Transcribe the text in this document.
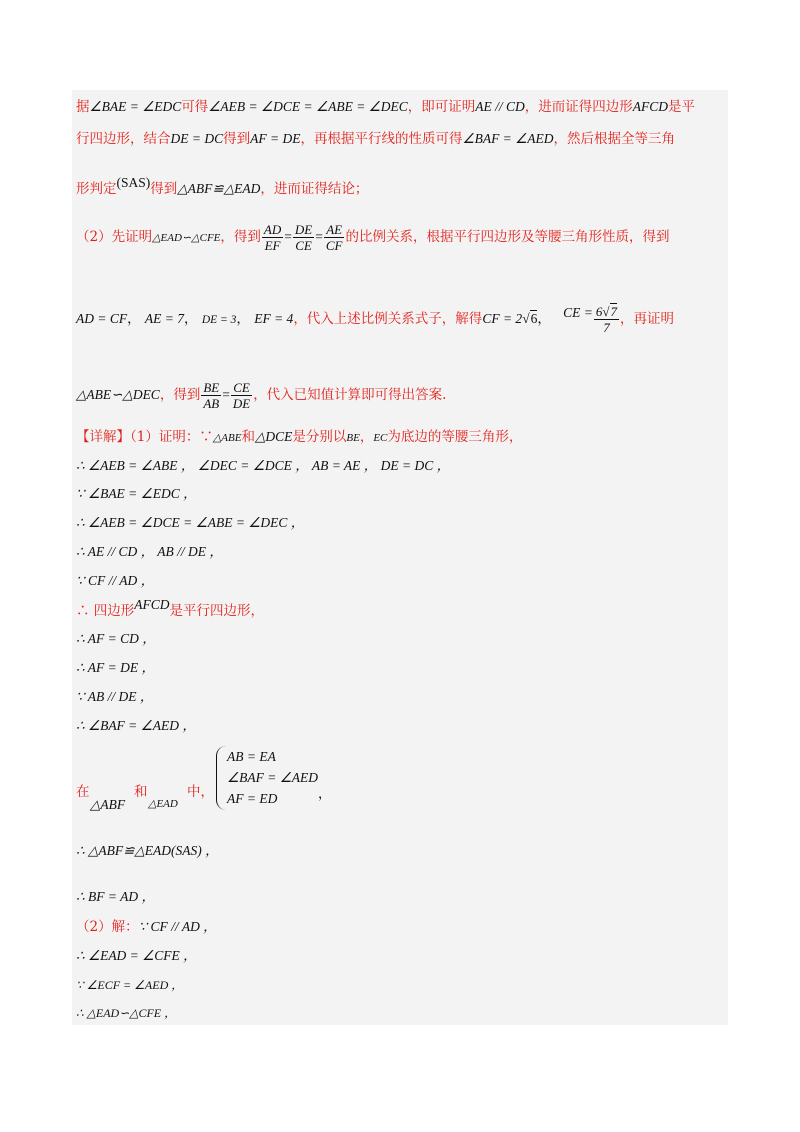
据∠BAE = ∠EDC可得∠AEB = ∠DCE = ∠ABE = ∠DEC，即可证明AE // CD，进而证得四边形AFCD是平
行四边形，结合DE = DC得到AF = DE，再根据平行线的性质可得∠BAF = ∠AED，然后根据全等三角
形判定(SAS)得到△ABF≌△EAD，进而证得结论；
（2）先证明△EAD∽△CFE，得到 $\frac{AD}{EF} = \frac{DE}{CE} = \frac{AE}{CF}$ 的比例关系，根据平行四边形及等腰三角形性质，得到
AD = CF， AE = 7， DE = 3， EF = 4，代入上述比例关系式子，解得CF = 2√6， CE = $\frac{6√7}{7}$ ，再证明
△ABE∽△DEC，得到 $\frac{BE}{AB} = \frac{CE}{DE}$ ，代入已知值计算即可得出答案.
【详解】（1）证明：∵△ABE和△DCE是分别以BE，EC为底边的等腰三角形，
∴ ∠AEB = ∠ABE ， ∠DEC = ∠DCE ， AB = AE ， DE = DC ，
∵ ∠BAE = ∠EDC ，
∴ ∠AEB = ∠DCE = ∠ABE = ∠DEC ，
∴ AE // CD ， AB // DE ，
∵ CF // AD ，
∴ 四边形AFCD是平行四边形，
∴ AF = CD ，
∴ AF = DE ，
∵ AB // DE ，
∴ ∠BAF = ∠AED ，
在	和	中，
△ABF △EAD
AB = EA
∠BAF = ∠AED
AF = ED	，
∴ △ABF≌△EAD(SAS) ，
∴ BF = AD ，
（2）解：∵ CF // AD ，
∴ ∠EAD = ∠CFE ，
∵ ∠ECF = ∠AED ，
∴ △EAD∽△CFE ，
